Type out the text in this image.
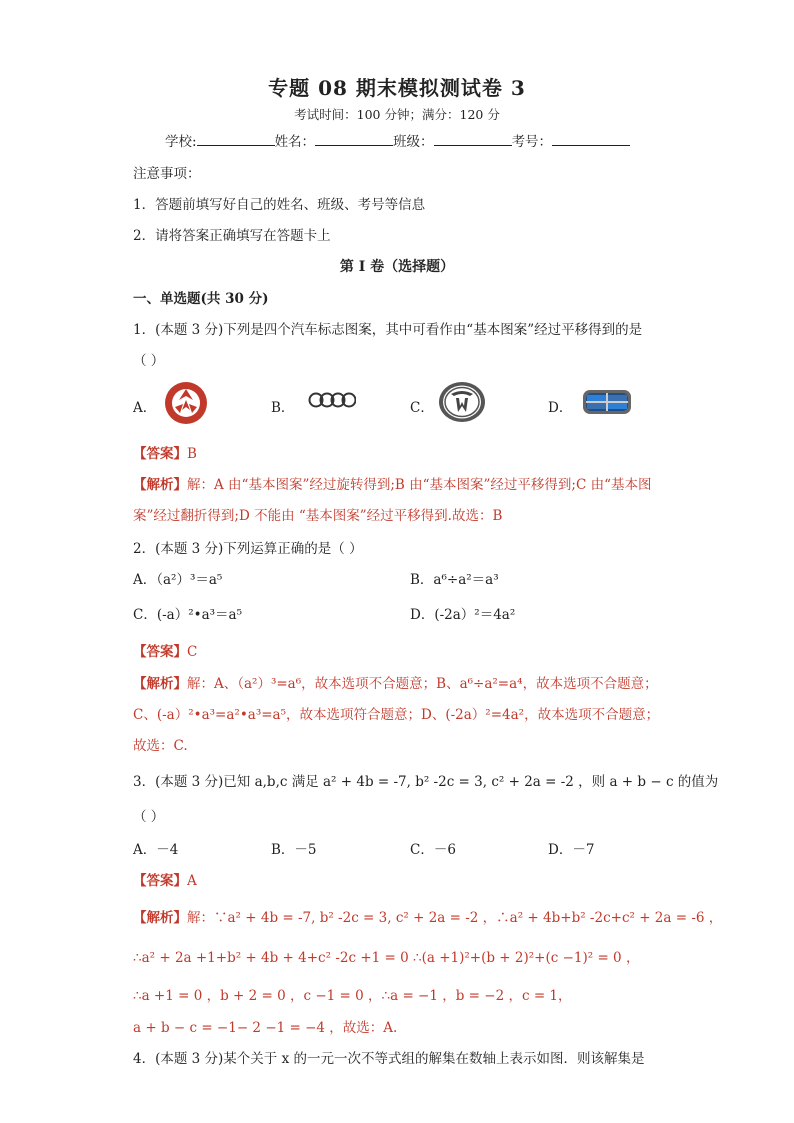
专题 08 期末模拟测试卷 3
考试时间：100 分钟；满分：120 分
学校:	姓名：	班级：	考号：
注意事项：
1．答题前填写好自己的姓名、班级、考号等信息
2．请将答案正确填写在答题卡上
第 I 卷（选择题）
一、单选题(共 30 分)
1．(本题 3 分)下列是四个汽车标志图案，其中可看作由“基本图案”经过平移得到的是
（ ）
A．	B．	C．	D．
【答案】B
【解析】解：A 由“基本图案”经过旋转得到;B 由“基本图案”经过平移得到;C 由“基本图
案”经过翻折得到;D 不能由 “基本图案”经过平移得到.故选：B
2．(本题 3 分)下列运算正确的是（ ）
A．（a²）³＝a⁵	B．a⁶÷a²＝a³
C．(-a）²•a³＝a⁵	D．(-2a）²＝4a²
【答案】C
【解析】解：A、（a²）³=a⁶，故本选项不合题意；B、a⁶÷a²=a⁴，故本选项不合题意；
C、(-a）²•a³=a²•a³=a⁵，故本选项符合题意；D、(-2a）²=4a²，故本选项不合题意；
故选：C.
3．(本题 3 分)已知 a,b,c 满足 a² + 4b = -7, b² -2c = 3, c² + 2a = -2 ，则 a + b − c 的值为
（ ）
A．－4	B．－5	C．－6	D．－7
【答案】A
【解析】解：∵a² + 4b = -7, b² -2c = 3, c² + 2a = -2 ，∴a² + 4b+b² -2c+c² + 2a = -6 ，
∴a² + 2a +1+b² + 4b + 4+c² -2c +1 = 0 ∴(a +1)²+(b + 2)²+(c −1)² = 0 ，
∴a +1 = 0 ，b + 2 = 0 ，c −1 = 0 ，∴a = −1 ，b = −2 ，c = 1，
a + b − c = −1− 2 −1 = −4 ，故选：A.
4．(本题 3 分)某个关于 x 的一元一次不等式组的解集在数轴上表示如图．则该解集是
